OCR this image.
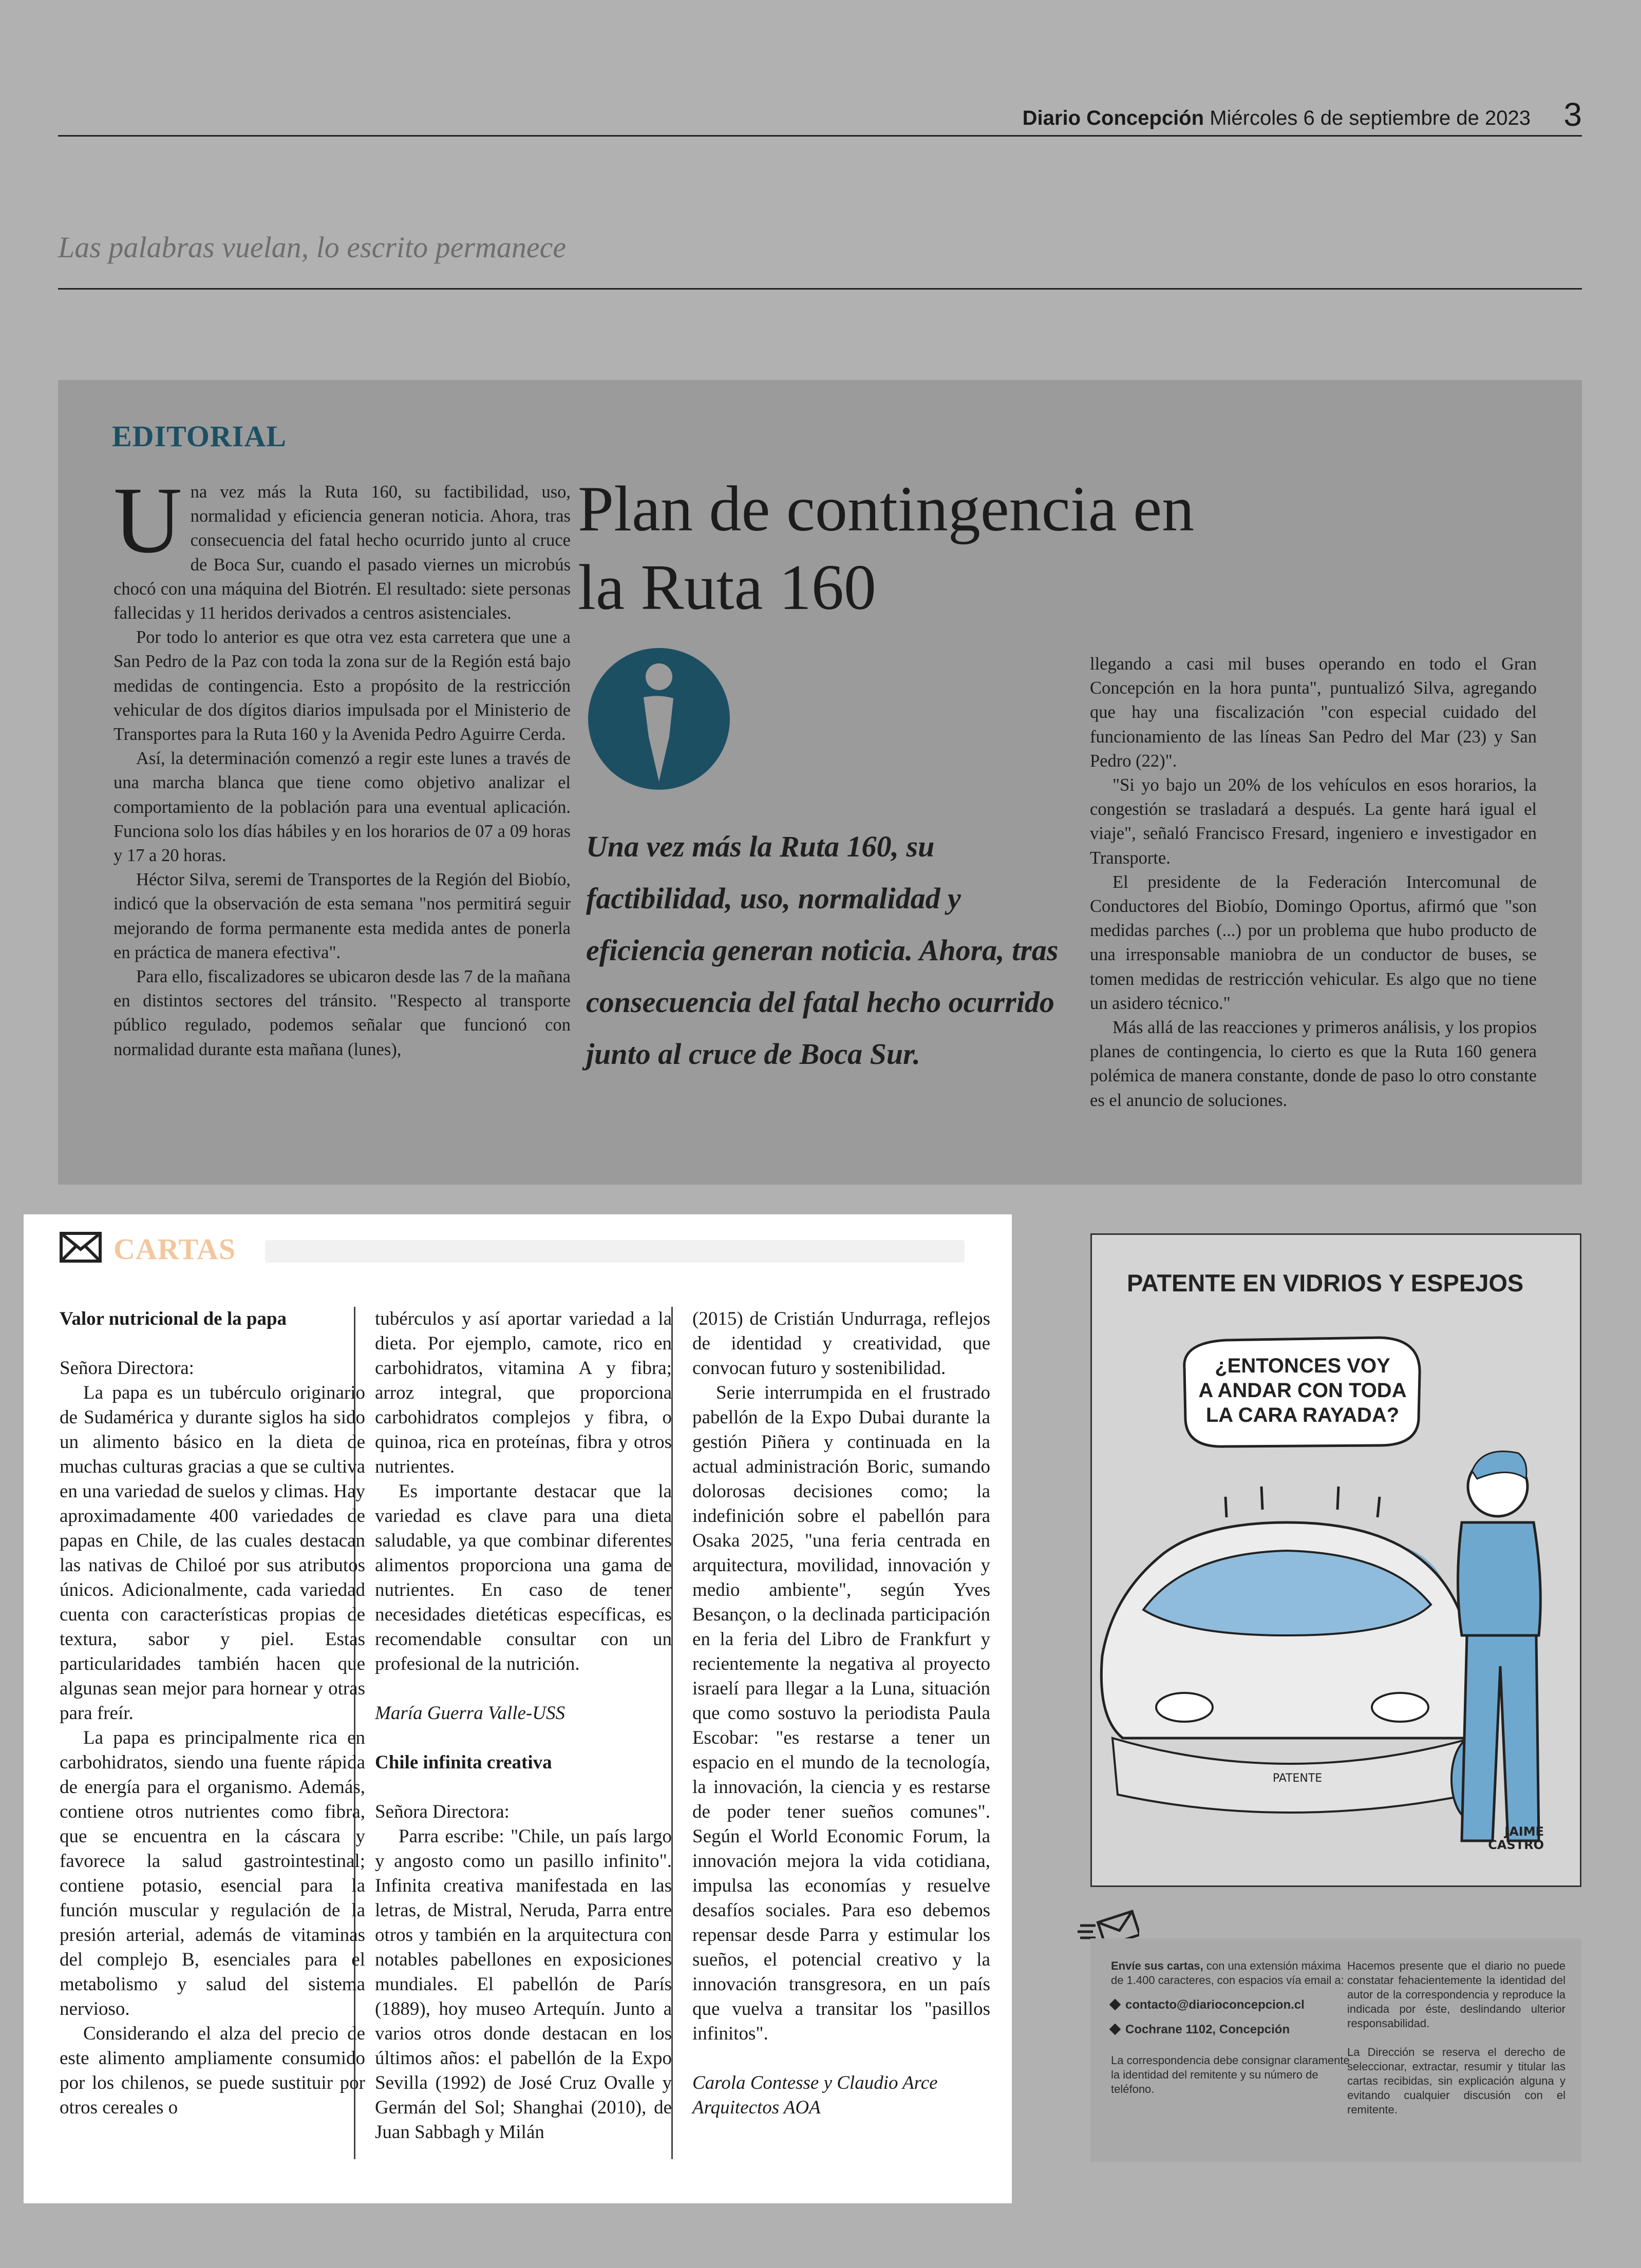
Diario Concepción Miércoles 6 de septiembre de 2023 3
Las palabras vuelan, lo escrito permanece
EDITORIAL

Una vez más la Ruta 160, su factibilidad, uso, normalidad y eficiencia generan noticia. Ahora, tras consecuencia del fatal hecho ocurrido junto al cruce de Boca Sur, cuando el pasado viernes un microbús chocó con una máquina del Biotrén. El resultado: siete personas fallecidas y 11 heridos derivados a centros asistenciales.

Por todo lo anterior es que otra vez esta carretera que une a San Pedro de la Paz con toda la zona sur de la Región está bajo medidas de contingencia. Esto a propósito de la restricción vehicular de dos dígitos diarios impulsada por el Ministerio de Transportes para la Ruta 160 y la Avenida Pedro Aguirre Cerda.

Así, la determinación comenzó a regir este lunes a través de una marcha blanca que tiene como objetivo analizar el comportamiento de la población para una eventual aplicación. Funciona solo los días hábiles y en los horarios de 07 a 09 horas y 17 a 20 horas.

Héctor Silva, seremi de Transportes de la Región del Biobío, indicó que la observación de esta semana "nos permitirá seguir mejorando de forma permanente esta medida antes de ponerla en práctica de manera efectiva".

Para ello, fiscalizadores se ubicaron desde las 7 de la mañana en distintos sectores del tránsito. "Respecto al transporte público regulado, podemos señalar que funcionó con normalidad durante esta mañana (lunes),

Plan de contingencia en la Ruta 160
Una vez más la Ruta 160, su factibilidad, uso, normalidad y eficiencia generan noticia. Ahora, tras consecuencia del fatal hecho ocurrido junto al cruce de Boca Sur.

llegando a casi mil buses operando en todo el Gran Concepción en la hora punta", puntualizó Silva, agregando que hay una fiscalización "con especial cuidado del funcionamiento de las líneas San Pedro del Mar (23) y San Pedro (22)".

"Si yo bajo un 20% de los vehículos en esos horarios, la congestión se trasladará a después. La gente hará igual el viaje", señaló Francisco Fresard, ingeniero e investigador en Transporte.

El presidente de la Federación Intercomunal de Conductores del Biobío, Domingo Oportus, afirmó que "son medidas parches (...) por un problema que hubo producto de una irresponsable maniobra de un conductor de buses, se tomen medidas de restricción vehicular. Es algo que no tiene un asidero técnico."

Más allá de las reacciones y primeros análisis, y los propios planes de contingencia, lo cierto es que la Ruta 160 genera polémica de manera constante, donde de paso lo otro constante es el anuncio de soluciones.

CARTAS

Valor nutricional de la papa

Señora Directora:

La papa es un tubérculo originario de Sudamérica y durante siglos ha sido un alimento básico en la dieta de muchas culturas gracias a que se cultiva en una variedad de suelos y climas. Hay aproximadamente 400 variedades de papas en Chile, de las cuales destacan las nativas de Chiloé por sus atributos únicos. Adicionalmente, cada variedad cuenta con características propias de textura, sabor y piel. Estas particularidades también hacen que algunas sean mejor para hornear y otras para freír.

La papa es principalmente rica en carbohidratos, siendo una fuente rápida de energía para el organismo. Además, contiene otros nutrientes como fibra, que se encuentra en la cáscara y favorece la salud gastrointestinal; contiene potasio, esencial para la función muscular y regulación de la presión arterial, además de vitaminas del complejo B, esenciales para el metabolismo y salud del sistema nervioso.

Considerando el alza del precio de este alimento ampliamente consumido por los chilenos, se puede sustituir por otros cereales o

tubérculos y así aportar variedad a la dieta. Por ejemplo, camote, rico en carbohidratos, vitamina A y fibra; arroz integral, que proporciona carbohidratos complejos y fibra, o quinoa, rica en proteínas, fibra y otros nutrientes.

Es importante destacar que la variedad es clave para una dieta saludable, ya que combinar diferentes alimentos proporciona una gama de nutrientes. En caso de tener necesidades dietéticas específicas, es recomendable consultar con un profesional de la nutrición.

María Guerra Valle-USS

Chile infinita creativa

Señora Directora:

Parra escribe: "Chile, un país largo y angosto como un pasillo infinito". Infinita creativa manifestada en las letras, de Mistral, Neruda, Parra entre otros y también en la arquitectura con notables pabellones en exposiciones mundiales. El pabellón de París (1889), hoy museo Artequín. Junto a varios otros donde destacan en los últimos años: el pabellón de la Expo Sevilla (1992) de José Cruz Ovalle y Germán del Sol; Shanghai (2010), de Juan Sabbagh y Milán

(2015) de Cristián Undurraga, reflejos de identidad y creatividad, que convocan futuro y sostenibilidad.

Serie interrumpida en el frustrado pabellón de la Expo Dubai durante la gestión Piñera y continuada en la actual administración Boric, sumando dolorosas decisiones como; la indefinición sobre el pabellón para Osaka 2025, "una feria centrada en arquitectura, movilidad, innovación y medio ambiente", según Yves Besançon, o la declinada participación en la feria del Libro de Frankfurt y recientemente la negativa al proyecto israelí para llegar a la Luna, situación que como sostuvo la periodista Paula Escobar: "es restarse a tener un espacio en el mundo de la tecnología, la innovación, la ciencia y es restarse de poder tener sueños comunes". Según el World Economic Forum, la innovación mejora la vida cotidiana, impulsa las economías y resuelve desafíos sociales. Para eso debemos repensar desde Parra y estimular los sueños, el potencial creativo y la innovación transgresora, en un país que vuelva a transitar los "pasillos infinitos".

Carola Contesse y Claudio Arce

Arquitectos AOA

PATENTE EN VIDRIOS Y ESPEJOS
¿ENTONCES VOY
A ANDAR CON TODA
LA CARA RAYADA?
JAIME
CASTRO
PATENTE
Envíe sus cartas, con una extensión máxima de 1.400 caracteres, con espacios vía email a:
contacto@diarioconcepcion.cl
Cochrane 1102, Concepción
La correspondencia debe consignar claramente la identidad del remitente y su número de teléfono.
Hacemos presente que el diario no puede constatar fehacientemente la identidad del autor de la correspondencia y reproduce la indicada por éste, deslindando ulterior responsabilidad.
La Dirección se reserva el derecho de seleccionar, extractar, resumir y titular las cartas recibidas, sin explicación alguna y evitando cualquier discusión con el remitente.
